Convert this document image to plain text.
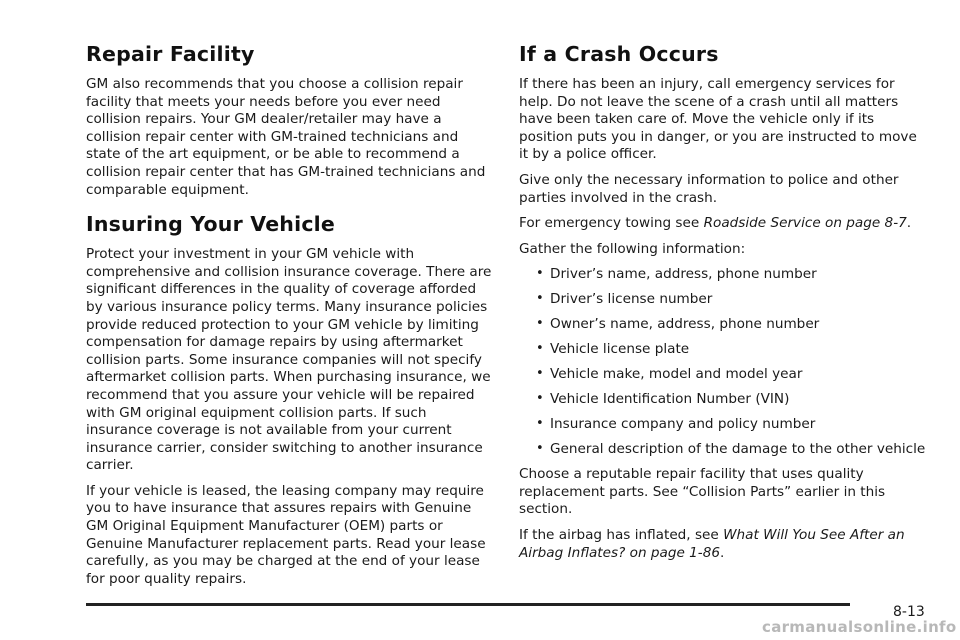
Repair Facility

GM also recommends that you choose a collision repair facility that meets your needs before you ever need collision repairs. Your GM dealer/retailer may have a collision repair center with GM-trained technicians and state of the art equipment, or be able to recommend a collision repair center that has GM-trained technicians and comparable equipment.

Insuring Your Vehicle

Protect your investment in your GM vehicle with comprehensive and collision insurance coverage. There are significant differences in the quality of coverage afforded by various insurance policy terms. Many insurance policies provide reduced protection to your GM vehicle by limiting compensation for damage repairs by using aftermarket collision parts. Some insurance companies will not specify aftermarket collision parts. When purchasing insurance, we recommend that you assure your vehicle will be repaired with GM original equipment collision parts. If such insurance coverage is not available from your current insurance carrier, consider switching to another insurance carrier.

If your vehicle is leased, the leasing company may require you to have insurance that assures repairs with Genuine GM Original Equipment Manufacturer (OEM) parts or Genuine Manufacturer replacement parts. Read your lease carefully, as you may be charged at the end of your lease for poor quality repairs.

If a Crash Occurs

If there has been an injury, call emergency services for help. Do not leave the scene of a crash until all matters have been taken care of. Move the vehicle only if its position puts you in danger, or you are instructed to move it by a police officer.

Give only the necessary information to police and other parties involved in the crash.

For emergency towing see Roadside Service on page 8-7.

Gather the following information:

• Driver’s name, address, phone number
• Driver’s license number
• Owner’s name, address, phone number
• Vehicle license plate
• Vehicle make, model and model year
• Vehicle Identification Number (VIN)
• Insurance company and policy number
• General description of the damage to the other vehicle

Choose a reputable repair facility that uses quality replacement parts. See “Collision Parts” earlier in this section.

If the airbag has inflated, see What Will You See After an Airbag Inflates? on page 1-86.

8-13
carmanualsonline.info
